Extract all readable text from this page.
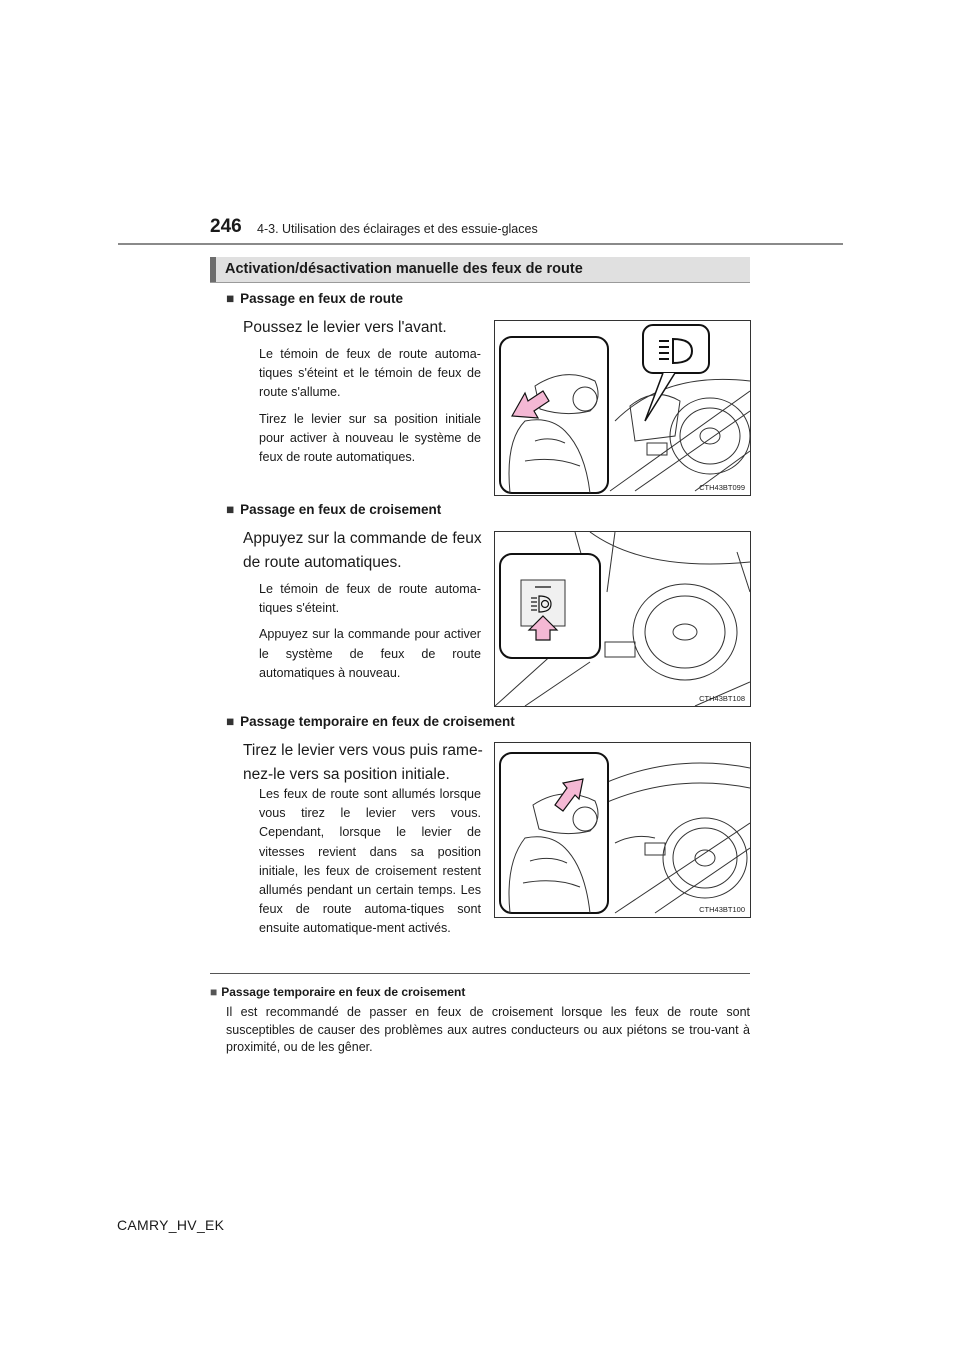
246 4-3. Utilisation des éclairages et des essuie-glaces
Activation/désactivation manuelle des feux de route
■ Passage en feux de route
Poussez le levier vers l'avant.

Le témoin de feux de route automa-tiques s'éteint et le témoin de feux de route s'allume.

Tirez le levier sur sa position initiale pour activer à nouveau le système de feux de route automatiques.

CTH43BT099
■ Passage en feux de croisement
Appuyez sur la commande de feux de route automatiques.

Le témoin de feux de route automa-tiques s'éteint.

Appuyez sur la commande pour activer le système de feux de route automatiques à nouveau.

CTH43BT108
■ Passage temporaire en feux de croisement
Tirez le levier vers vous puis rame-nez-le vers sa position initiale.

Les feux de route sont allumés lorsque vous tirez le levier vers vous. Cependant, lorsque le levier de vitesses revient dans sa position initiale, les feux de croisement restent allumés pendant un certain temps. Les feux de route automa-tiques sont ensuite automatique-ment activés.

CTH43BT100
■ Passage temporaire en feux de croisement
Il est recommandé de passer en feux de croisement lorsque les feux de route sont susceptibles de causer des problèmes aux autres conducteurs ou aux piétons se trou-vant à proximité, ou de les gêner.
CAMRY_HV_EK
